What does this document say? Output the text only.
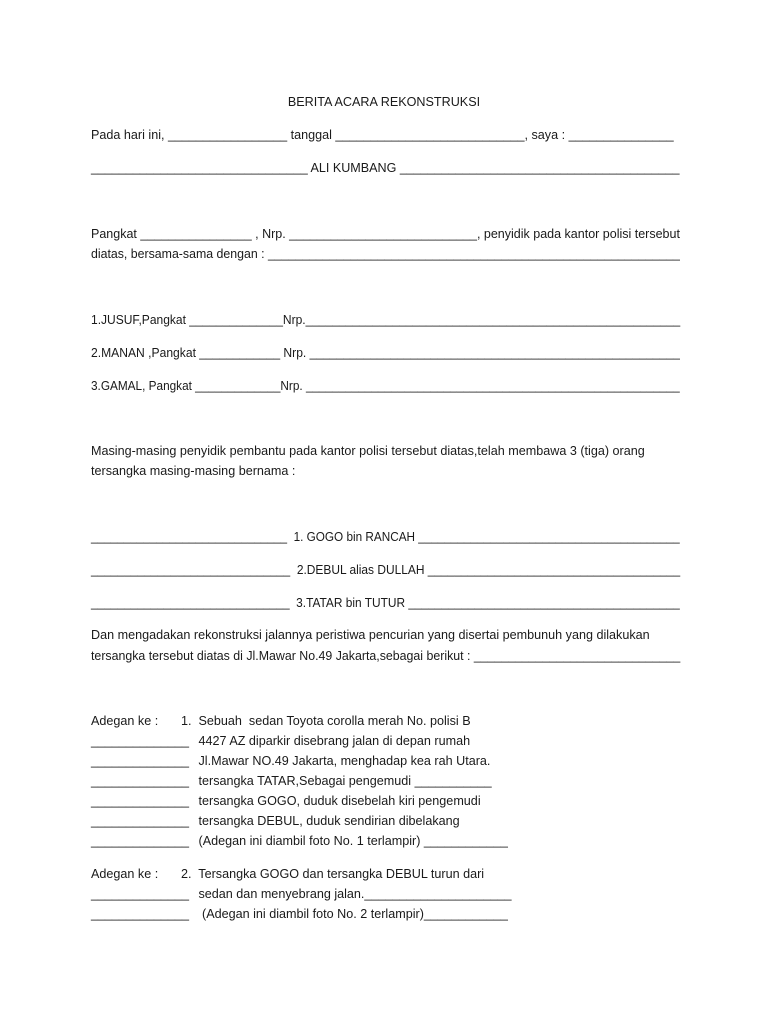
BERITA ACARA REKONSTRUKSI
Pada hari ini, _________________ tanggal ___________________________, saya : _______________
_______________________________ ALI KUMBANG ________________________________________
Pangkat ________________ , Nrp. ___________________________, penyidik pada kantor polisi tersebut
diatas, bersama-sama dengan : ____________________________________________________________
1.JUSUF,Pangkat ______________Nrp.________________________________________________________
2.MANAN ,Pangkat ____________ Nrp. _______________________________________________________
3.GAMAL, Pangkat _____________Nrp. _________________________________________________________
Masing-masing penyidik pembantu pada kantor polisi tersebut diatas,telah membawa 3 (tiga) orang
tersangka masing-masing bernama :
______________________________  1. GOGO bin RANCAH ________________________________________
______________________________  2.DEBUL alias DULLAH ______________________________________
______________________________  3.TATAR bin TUTUR _________________________________________
Dan mengadakan rekonstruksi jalannya peristiwa pencurian yang disertai pembunuh yang dilakukan
tersangka tersebut diatas di Jl.Mawar No.49 Jakarta,sebagai berikut : ______________________________
Adegan ke : 1.  Sebuah  sedan Toyota corolla merah No. polisi B
______________
4427 AZ diparkir disebrang jalan di depan rumah
______________
Jl.Mawar NO.49 Jakarta, menghadap kea rah Utara.
______________
tersangka TATAR,Sebagai pengemudi ___________
______________
tersangka GOGO, duduk disebelah kiri pengemudi
______________
tersangka DEBUL, duduk sendirian dibelakang
______________
(Adegan ini diambil foto No. 1 terlampir) ____________
Adegan ke : 2.  Tersangka GOGO dan tersangka DEBUL turun dari
______________
sedan dan menyebrang jalan._____________________
______________
(Adegan ini diambil foto No. 2 terlampir)____________
